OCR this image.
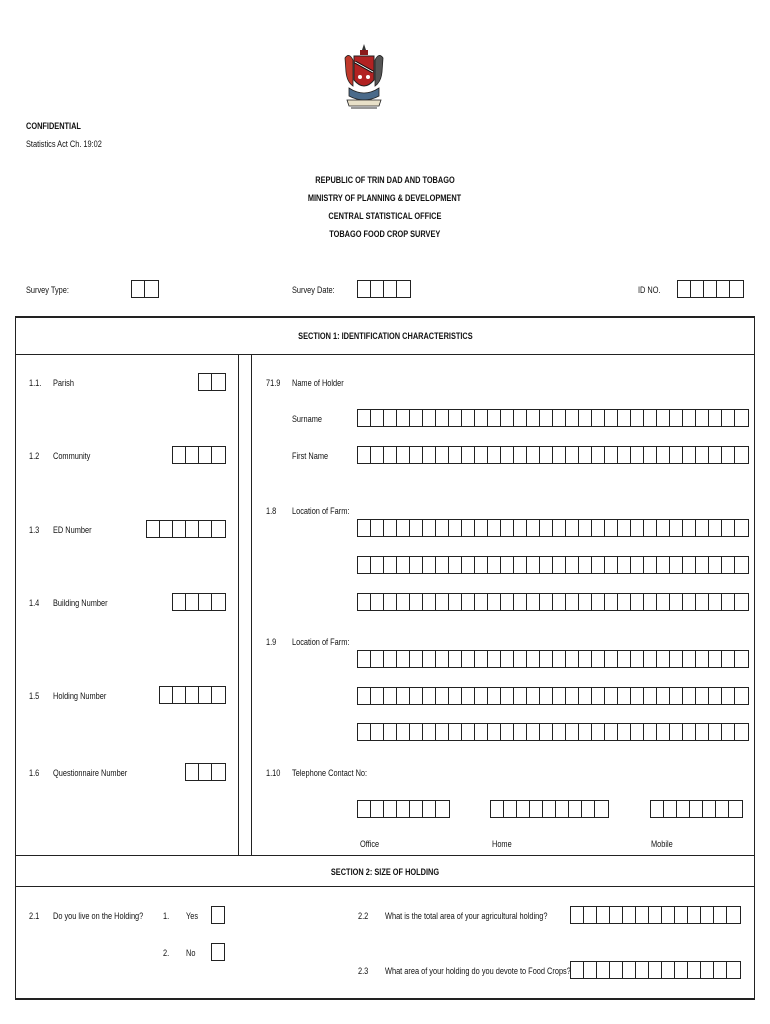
CONFIDENTIAL
Statistics Act Ch. 19:02
REPUBLIC OF TRIN DAD AND TOBAGO
MINISTRY OF PLANNING & DEVELOPMENT
CENTRAL STATISTICAL OFFICE
TOBAGO FOOD CROP SURVEY
Survey Type:	Survey Date:	ID NO.
SECTION 1: IDENTIFICATION CHARACTERISTICS
1.1. Parish
1.2 Community
1.3 ED Number
1.4 Building Number
1.5 Holding Number
1.6 Questionnaire Number
71.9 Name of Holder
Surname
First Name
1.8 Location of Farm:
1.9 Location of Farm:
1.10 Telephone Contact No:
Office	Home	Mobile
SECTION 2: SIZE OF HOLDING
2.1 Do you live on the Holding? 1. Yes
2. No
2.2 What is the total area of your agricultural holding?
2.3 What area of your holding do you devote to Food Crops?
